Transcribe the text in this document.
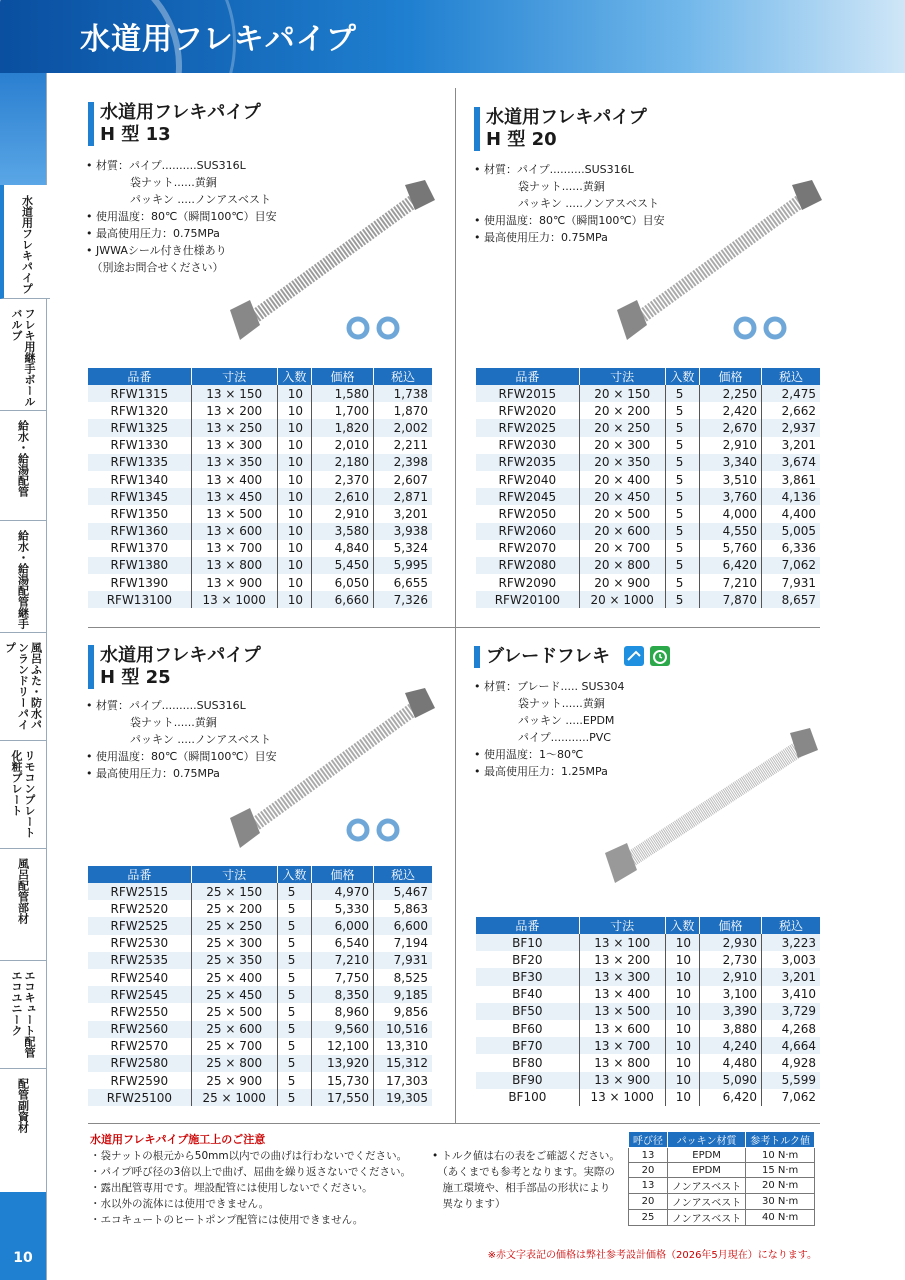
水道用フレキパイプ
水道用フレキパイプ
フレキ用継手ボールバルブ
給水・給湯配管
給水・給湯配管継手
風呂ふた・防水パンランドリーパイプ
リモコンプレート化粧プレート
風呂配管部材
エコキュート配管エコユニーク
配管副資材
10
水道用フレキパイプ
H 型 13
• 材質：パイプ..........SUS316L
　　　　袋ナット......黄銅
　　　　パッキン .....ノンアスベスト
• 使用温度：80℃（瞬間100℃）目安
• 最高使用圧力：0.75MPa
• JWWAシール付き仕様あり
　（別途お問合せください）
水道用フレキパイプ
H 型 20
• 材質：パイプ..........SUS316L
　　　　袋ナット......黄銅
　　　　パッキン .....ノンアスベスト
• 使用温度：80℃（瞬間100℃）目安
• 最高使用圧力：0.75MPa
水道用フレキパイプ
H 型 25
• 材質：パイプ..........SUS316L
　　　　袋ナット......黄銅
　　　　パッキン .....ノンアスベスト
• 使用温度：80℃（瞬間100℃）目安
• 最高使用圧力：0.75MPa
ブレードフレキ
• 材質：ブレード..... SUS304
　　　　袋ナット......黄銅
　　　　パッキン .....EPDM
　　　　パイプ...........PVC
• 使用温度：1～80℃
• 最高使用圧力：1.25MPa
品番	寸法	入数	価格	税込
RFW1315	13 × 150	10	1,580	1,738
RFW1320	13 × 200	10	1,700	1,870
RFW1325	13 × 250	10	1,820	2,002
RFW1330	13 × 300	10	2,010	2,211
RFW1335	13 × 350	10	2,180	2,398
RFW1340	13 × 400	10	2,370	2,607
RFW1345	13 × 450	10	2,610	2,871
RFW1350	13 × 500	10	2,910	3,201
RFW1360	13 × 600	10	3,580	3,938
RFW1370	13 × 700	10	4,840	5,324
RFW1380	13 × 800	10	5,450	5,995
RFW1390	13 × 900	10	6,050	6,655
RFW13100	13 × 1000	10	6,660	7,326
品番	寸法	入数	価格	税込
RFW2015	20 × 150	5	2,250	2,475
RFW2020	20 × 200	5	2,420	2,662
RFW2025	20 × 250	5	2,670	2,937
RFW2030	20 × 300	5	2,910	3,201
RFW2035	20 × 350	5	3,340	3,674
RFW2040	20 × 400	5	3,510	3,861
RFW2045	20 × 450	5	3,760	4,136
RFW2050	20 × 500	5	4,000	4,400
RFW2060	20 × 600	5	4,550	5,005
RFW2070	20 × 700	5	5,760	6,336
RFW2080	20 × 800	5	6,420	7,062
RFW2090	20 × 900	5	7,210	7,931
RFW20100	20 × 1000	5	7,870	8,657
品番	寸法	入数	価格	税込
RFW2515	25 × 150	5	4,970	5,467
RFW2520	25 × 200	5	5,330	5,863
RFW2525	25 × 250	5	6,000	6,600
RFW2530	25 × 300	5	6,540	7,194
RFW2535	25 × 350	5	7,210	7,931
RFW2540	25 × 400	5	7,750	8,525
RFW2545	25 × 450	5	8,350	9,185
RFW2550	25 × 500	5	8,960	9,856
RFW2560	25 × 600	5	9,560	10,516
RFW2570	25 × 700	5	12,100	13,310
RFW2580	25 × 800	5	13,920	15,312
RFW2590	25 × 900	5	15,730	17,303
RFW25100	25 × 1000	5	17,550	19,305
品番	寸法	入数	価格	税込
BF10	13 × 100	10	2,930	3,223
BF20	13 × 200	10	2,730	3,003
BF30	13 × 300	10	2,910	3,201
BF40	13 × 400	10	3,100	3,410
BF50	13 × 500	10	3,390	3,729
BF60	13 × 600	10	3,880	4,268
BF70	13 × 700	10	4,240	4,664
BF80	13 × 800	10	4,480	4,928
BF90	13 × 900	10	5,090	5,599
BF100	13 × 1000	10	6,420	7,062
水道用フレキパイプ施工上のご注意
・袋ナットの根元から50mm以内での曲げは行わないでください。
・パイプ呼び径の3倍以上で曲げ、屈曲を繰り返さないでください。
・露出配管専用です。埋設配管には使用しないでください。
・水以外の流体には使用できません。
・エコキュートのヒートポンプ配管には使用できません。
• トルク値は右の表をご確認ください。
　（あくまでも参考となります。実際の
　施工環境や、相手部品の形状により
　異なります）
呼び径	パッキン材質	参考トルク値
13	EPDM	10 N·m
20	EPDM	15 N·m
13	ノンアスベスト	20 N·m
20	ノンアスベスト	30 N·m
25	ノンアスベスト	40 N·m
※赤文字表記の価格は弊社参考設計価格（2026年5月現在）になります。
